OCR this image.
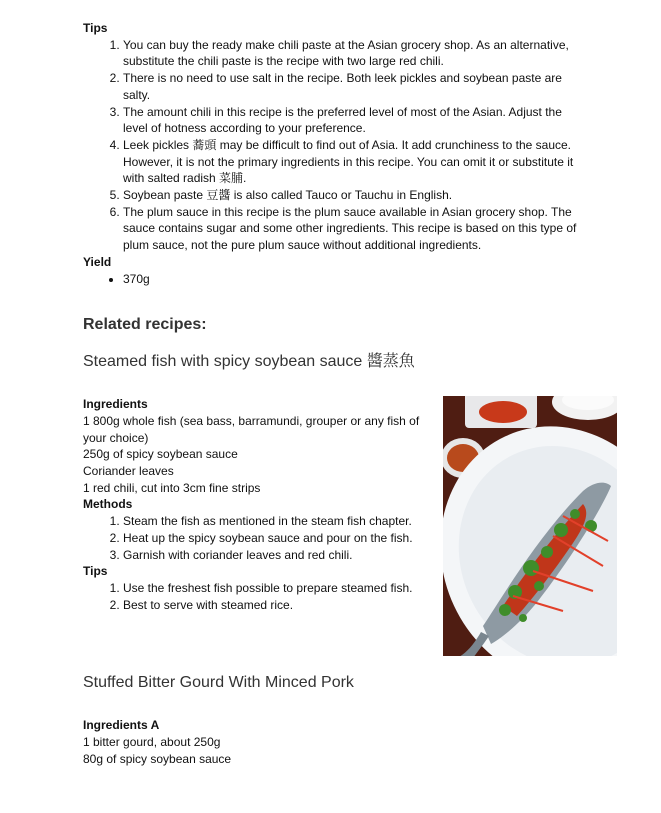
Tips

1. You can buy the ready make chili paste at the Asian grocery shop. As an alternative, substitute the chili paste is the recipe with two large red chili.
2. There is no need to use salt in the recipe. Both leek pickles and soybean paste are salty.
3. The amount chili in this recipe is the preferred level of most of the Asian. Adjust the level of hotness according to your preference.
4. Leek pickles 蕎頭 may be difficult to find out of Asia. It add crunchiness to the sauce. However, it is not the primary ingredients in this recipe. You can omit it or substitute it with salted radish 菜脯.
5. Soybean paste 豆醬 is also called Tauco or Tauchu in English.
6. The plum sauce in this recipe is the plum sauce available in Asian grocery shop. The sauce contains sugar and some other ingredients. This recipe is based on this type of plum sauce, not the pure plum sauce without additional ingredients.

Yield

• 370g
Related recipes:
Steamed fish with spicy soybean sauce 醬蒸魚

Ingredients

1 800g whole fish (sea bass, barramundi, grouper or any fish of your choice)

250g of spicy soybean sauce

Coriander leaves

1 red chili, cut into 3cm fine strips

Methods

1. Steam the fish as mentioned in the steam fish chapter.
2. Heat up the spicy soybean sauce and pour on the fish.
3. Garnish with coriander leaves and red chili.

Tips

1. Use the freshest fish possible to prepare steamed fish.
2. Best to serve with steamed rice.
Stuffed Bitter Gourd With Minced Pork

Ingredients A

1 bitter gourd, about 250g

80g of spicy soybean sauce
